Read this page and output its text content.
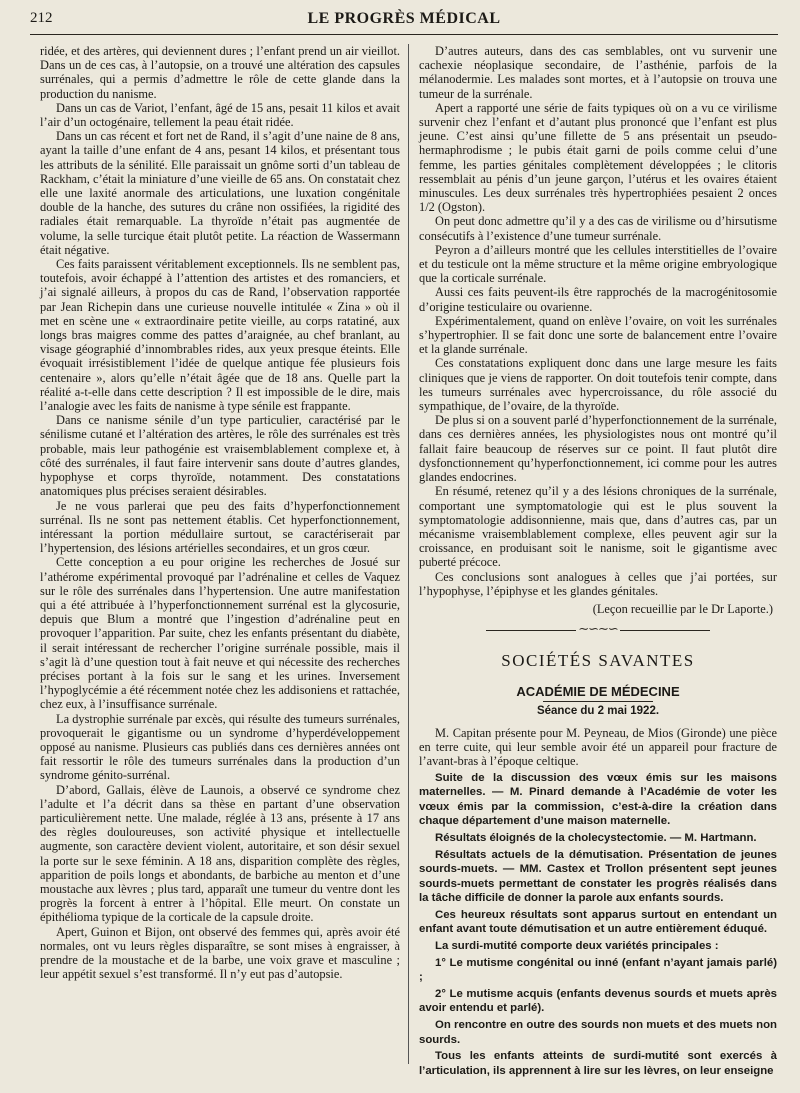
212	LE PROGRÈS MÉDICAL

ridée, et des artères, qui deviennent dures ; l’enfant prend un air vieillot. Dans un de ces cas, à l’autopsie, on a trouvé une altération des capsules surrénales, qui a permis d’admettre le rôle de cette glande dans la production du nanisme.

Dans un cas de Variot, l’enfant, âgé de 15 ans, pesait 11 kilos et avait l’air d’un octogénaire, tellement la peau était ridée.

Dans un cas récent et fort net de Rand, il s’agit d’une naine de 8 ans, ayant la taille d’une enfant de 4 ans, pesant 14 kilos, et présentant tous les attributs de la sénilité. Elle paraissait un gnôme sorti d’un tableau de Rackham, c’était la miniature d’une vieille de 65 ans. On constatait chez elle une laxité anormale des articulations, une luxation congénitale double de la hanche, des sutures du crâne non ossifiées, la rigidité des radiales était remarquable. La thyroïde n’était pas augmentée de volume, la selle turcique était plutôt petite. La réaction de Wassermann était négative.

Ces faits paraissent véritablement exceptionnels. Ils ne semblent pas, toutefois, avoir échappé à l’attention des artistes et des romanciers, et j’ai signalé ailleurs, à propos du cas de Rand, l’observation rapportée par Jean Richepin dans une curieuse nouvelle intitulée « Zina » où il met en scène une « extraordinaire petite vieille, au corps ratatiné, aux longs bras maigres comme des pattes d’araignée, au chef branlant, au visage géographié d’innombrables rides, aux yeux presque éteints. Elle évoquait irrésistiblement l’idée de quelque antique fée plusieurs fois centenaire », alors qu’elle n’était âgée que de 18 ans. Quelle part la réalité a-t-elle dans cette description ? Il est impossible de le dire, mais l’analogie avec les faits de nanisme à type sénile est frappante.

Dans ce nanisme sénile d’un type particulier, caractérisé par le sénilisme cutané et l’altération des artères, le rôle des surrénales est très probable, mais leur pathogénie est vraisemblablement complexe et, à côté des surrénales, il faut faire intervenir sans doute d’autres glandes, hypophyse et corps thyroïde, notamment. Des constatations anatomiques plus précises seraient désirables.

Je ne vous parlerai que peu des faits d’hyperfonctionnement surrénal. Ils ne sont pas nettement établis. Cet hyperfonctionnement, intéressant la portion médullaire surtout, se caractériserait par l’hypertension, des lésions artérielles secondaires, et un gros cœur.

Cette conception a eu pour origine les recherches de Josué sur l’athérome expérimental provoqué par l’adrénaline et celles de Vaquez sur le rôle des surrénales dans l’hypertension. Une autre manifestation qui a été attribuée à l’hyperfonctionnement surrénal est la glycosurie, depuis que Blum a montré que l’ingestion d’adrénaline peut en provoquer l’apparition. Par suite, chez les enfants présentant du diabète, il serait intéressant de rechercher l’origine surrénale possible, mais il s’agit là d’une question tout à fait neuve et qui nécessite des recherches précises portant à la fois sur le sang et les urines. Inversement l’hypoglycémie a été récemment notée chez les addisoniens et rattachée, chez eux, à l’insuffisance surrénale.

La dystrophie surrénale par excès, qui résulte des tumeurs surrénales, provoquerait le gigantisme ou un syndrome d’hyperdéveloppement opposé au nanisme. Plusieurs cas publiés dans ces dernières années ont fait ressortir le rôle des tumeurs surrénales dans la production d’un syndrome génito-surrénal.

D’abord, Gallais, élève de Launois, a observé ce syndrome chez l’adulte et l’a décrit dans sa thèse en partant d’une observation particulièrement nette. Une malade, réglée à 13 ans, présente à 17 ans des règles douloureuses, son activité physique et intellectuelle augmente, son caractère devient violent, autoritaire, et son désir sexuel la porte sur le sexe féminin. A 18 ans, disparition complète des règles, apparition de poils longs et abondants, de barbiche au menton et d’une moustache aux lèvres ; plus tard, apparaît une tumeur du ventre dont les progrès la forcent à entrer à l’hôpital. Elle meurt. On constate un épithélioma typique de la corticale de la capsule droite.

Apert, Guinon et Bijon, ont observé des femmes qui, après avoir été normales, ont vu leurs règles disparaître, se sont mises à engraisser, à prendre de la moustache et de la barbe, une voix grave et masculine ; leur appétit sexuel s’est transformé. Il n’y eut pas d’autopsie.

D’autres auteurs, dans des cas semblables, ont vu survenir une cachexie néoplasique secondaire, de l’asthénie, parfois de la mélanodermie. Les malades sont mortes, et à l’autopsie on trouva une tumeur de la surrénale.

Apert a rapporté une série de faits typiques où on a vu ce virilisme survenir chez l’enfant et d’autant plus prononcé que l’enfant est plus jeune. C’est ainsi qu’une fillette de 5 ans présentait un pseudo-hermaphrodisme ; le pubis était garni de poils comme celui d’une femme, les parties génitales complètement développées ; le clitoris ressemblait au pénis d’un jeune garçon, l’utérus et les ovaires étaient minuscules. Les deux surrénales très hypertrophiées pesaient 2 onces 1/2 (Ogston).

On peut donc admettre qu’il y a des cas de virilisme ou d’hirsutisme consécutifs à l’existence d’une tumeur surrénale.

Peyron a d’ailleurs montré que les cellules interstitielles de l’ovaire et du testicule ont la même structure et la même origine embryologique que la corticale surrénale.

Aussi ces faits peuvent-ils être rapprochés de la macrogénitosomie d’origine testiculaire ou ovarienne.

Expérimentalement, quand on enlève l’ovaire, on voit les surrénales s’hypertrophier. Il se fait donc une sorte de balancement entre l’ovaire et la glande surrénale.

Ces constatations expliquent donc dans une large mesure les faits cliniques que je viens de rapporter. On doit toutefois tenir compte, dans les tumeurs surrénales avec hypercroissance, du rôle associé du sympathique, de l’ovaire, de la thyroïde.

De plus si on a souvent parlé d’hyperfonctionnement de la surrénale, dans ces dernières années, les physiologistes nous ont montré qu’il fallait faire beaucoup de réserves sur ce point. Il faut plutôt dire dysfonctionnement qu’hyperfonctionnement, ici comme pour les autres glandes endocrines.

En résumé, retenez qu’il y a des lésions chroniques de la surrénale, comportant une symptomatologie qui est le plus souvent la symptomatologie addisonnienne, mais que, dans d’autres cas, par un mécanisme vraisemblablement complexe, elles peuvent agir sur la croissance, en produisant soit le nanisme, soit le gigantisme avec puberté précoce.

Ces conclusions sont analogues à celles que j’ai portées, sur l’hypophyse, l’épiphyse et les glandes génitales.

(Leçon recueillie par le Dr Laporte.)
∼∽∼∽
SOCIÉTÉS SAVANTES
ACADÉMIE DE MÉDECINE
Séance du 2 mai 1922.

M. Capitan présente pour M. Peyneau, de Mios (Gironde) une pièce en terre cuite, qui leur semble avoir été un appareil pour fracture de l’avant-bras à l’époque celtique.

Suite de la discussion des vœux émis sur les maisons maternelles. — M. Pinard demande à l’Académie de voter les vœux émis par la commission, c’est-à-dire la création dans chaque département d’une maison maternelle.

Résultats éloignés de la cholecystectomie. — M. Hartmann.

Résultats actuels de la démutisation. Présentation de jeunes sourds-muets. — MM. Castex et Trollon présentent sept jeunes sourds-muets permettant de constater les progrès réalisés dans la tâche difficile de donner la parole aux enfants sourds.

Ces heureux résultats sont apparus surtout en entendant un enfant avant toute démutisation et un autre entièrement éduqué.

La surdi-mutité comporte deux variétés principales :

1° Le mutisme congénital ou inné (enfant n’ayant jamais parlé) ;

2° Le mutisme acquis (enfants devenus sourds et muets après avoir entendu et parlé).

On rencontre en outre des sourds non muets et des muets non sourds.

Tous les enfants atteints de surdi-mutité sont exercés à l’articulation, ils apprennent à lire sur les lèvres, on leur enseigne
